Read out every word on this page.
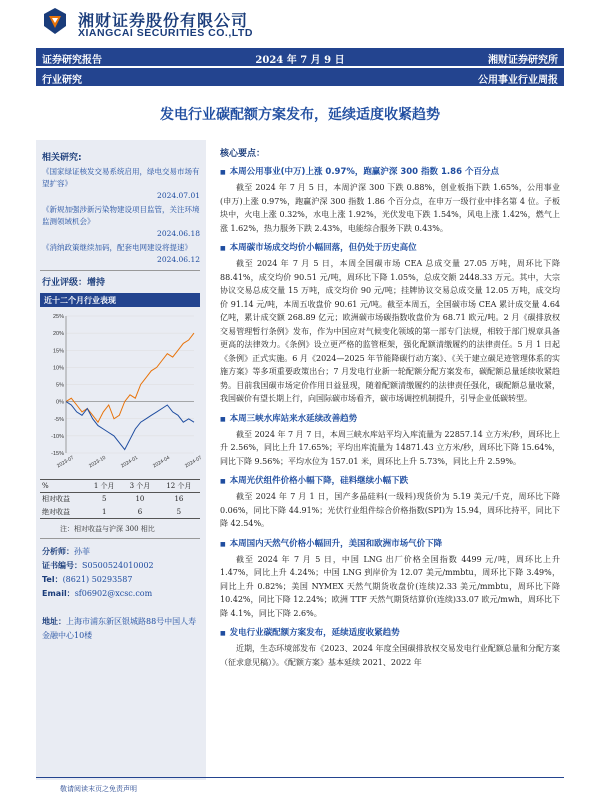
湘财证券股份有限公司
XIANGCAI SECURITIES CO.,LTD
证券研究报告	2024 年 7 月 9 日	湘财证券研究所
行业研究	公用事业行业周报
发电行业碳配额方案发布，延续适度收紧趋势
相关研究:
《国家绿证核发交易系统启用，绿电交易市场有望扩容》
2024.07.01
《新规加强涉新污染物建设项目监管，关注环境监测领域机会》
2024.06.18
《消纳政策继续加码，配套电网建设将提速》
2024.06.12
行业评级：增持
近十二个月行业表现
25%
20%
15%
10%
5%
0%
-5%
-10%
-15%
2023-07	2023-10	2024-01	2024-04	2024-07
%	1 个月	3 个月	12 个月
相对收益	5	10	16
绝对收益	1	6	5
注：相对收益与沪深 300 相比
分析师：孙菲
证书编号：S0500524010002
Tel：(8621) 50293587
Email：sf06902@xcsc.com
地址：上海市浦东新区银城路88号中国人寿金融中心10楼
核心要点：
■ 本周公用事业(中万)上涨 0.97%，跑赢沪深 300 指数 1.86 个百分点
截至 2024 年 7 月 5 日，本周沪深 300 下跌 0.88%，创业板指下跌 1.65%，公用事业(申万)上涨 0.97%，跑赢沪深 300 指数 1.86 个百分点，在申万一级行业中排名第 4 位。子板块中，火电上涨 0.32%，水电上涨 1.92%，光伏发电下跌 1.54%，风电上涨 1.42%，燃气上涨 1.62%，热力服务下跌 2.43%，电能综合服务下跌 0.43%。
■ 本周碳市场成交均价小幅回落，但仍处于历史高位
截至 2024 年 7 月 5 日，本周全国碳市场 CEA 总成交量 27.05 万吨，周环比下降 88.41%，成交均价 90.51 元/吨，周环比下降 1.05%，总成交额 2448.33 万元。其中，大宗协议交易总成交量 15 万吨，成交均价 90 元/吨；挂牌协议交易总成交量 12.05 万吨，成交均价 91.14 元/吨，本周五收盘价 90.61 元/吨。截至本周五，全国碳市场 CEA 累计成交量 4.64 亿吨，累计成交额 268.89 亿元；欧洲碳市场碳指数收盘价为 68.71 欧元/吨。2 月《碳排放权交易管理暂行条例》发布，作为中国应对气候变化领域的第一部专门法规，相较于部门规章具备更高的法律效力。《条例》设立更严格的监管框架，强化配额清缴履约的法律责任。5 月 1 日起《条例》正式实施。6 月《2024—2025 年节能降碳行动方案》、《关于建立碳足迹管理体系的实施方案》等多项重要政策出台；7 月发电行业新一轮配额分配方案发布，碳配额总量延续收紧趋势。目前我国碳市场定价作用日益显现，随着配额清缴履约的法律责任强化，碳配额总量收紧，我国碳价有望长期上行，向国际碳市场看齐，碳市场调控机制提升，引导企业低碳转型。
■ 本周三峡水库站来水延续改善趋势
截至 2024 年 7 月 7 日，本周三峡水库站平均入库流量为 22857.14 立方米/秒，周环比上升 2.56%，同比上升 17.65%；平均出库流量为 14871.43 立方米/秒，周环比下降 15.64%，同比下降 9.56%；平均水位为 157.01 米，周环比上升 5.73%，同比上升 2.59%。
■ 本周光伏组件价格小幅下降，硅料继续小幅下跌
截至 2024 年 7 月 1 日，国产多晶硅料(一级料)现货价为 5.19 美元/千克，周环比下降 0.06%，同比下降 44.91%；光伏行业组件综合价格指数(SPI)为 15.94，周环比持平，同比下降 42.54%。
■ 本周国内天然气价格小幅回升，美国和欧洲市场气价下降
截至 2024 年 7 月 5 日，中国 LNG 出厂价格全国指数 4499 元/吨，周环比上升 1.47%，同比上升 4.24%；中国 LNG 到岸价为 12.07 美元/mmbtu，周环比下降 3.49%，同比上升 0.82%；美国 NYMEX 天然气期货收盘价(连续)2.33 美元/mmbtu，周环比下降 10.42%，同比下降 12.24%；欧洲 TTF 天然气期货结算价(连续)33.07 欧元/mwh，周环比下降 4.1%，同比下降 2.6%。
■ 发电行业碳配额方案发布，延续适度收紧趋势
近期，生态环境部发布《2023、2024 年度全国碳排放权交易发电行业配额总量和分配方案（征求意见稿）》。《配额方案》基本延续 2021、2022 年
敬请阅读末页之免责声明
